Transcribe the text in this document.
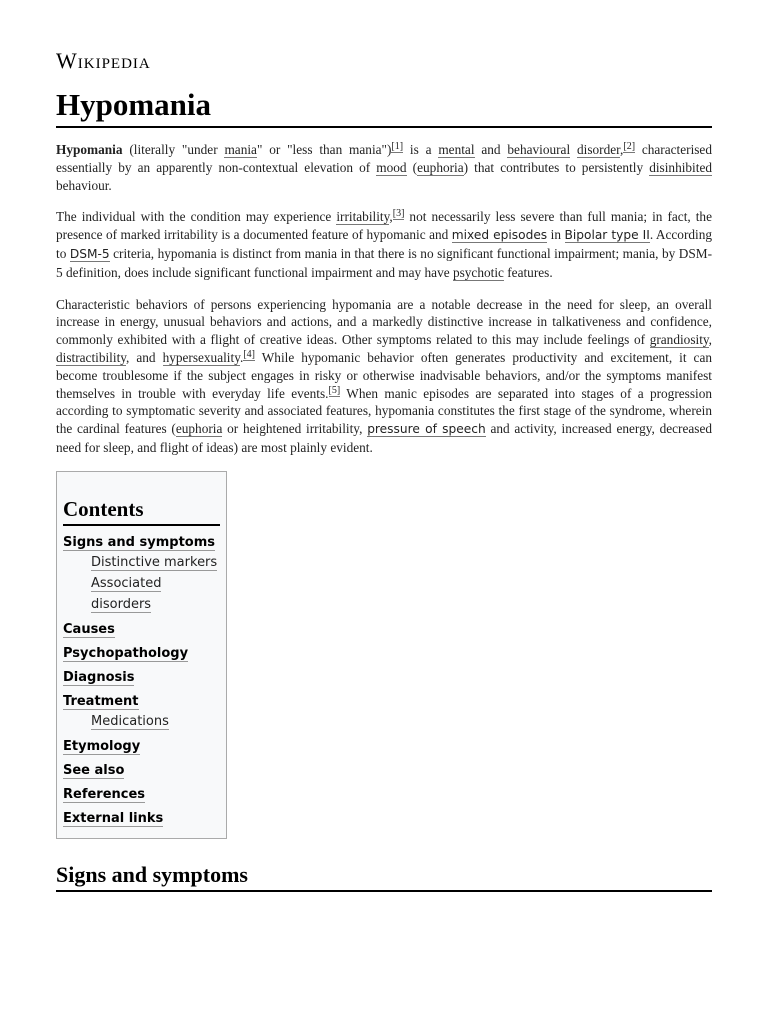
Wikipedia
Hypomania

Hypomania (literally "under mania" or "less than mania")[1] is a mental and behavioural disorder,[2] characterised essentially by an apparently non-contextual elevation of mood (euphoria) that contributes to persistently disinhibited behaviour.

The individual with the condition may experience irritability,[3] not necessarily less severe than full mania; in fact, the presence of marked irritability is a documented feature of hypomanic and mixed episodes in Bipolar type II. According to DSM-5 criteria, hypomania is distinct from mania in that there is no significant functional impairment; mania, by DSM-5 definition, does include significant functional impairment and may have psychotic features.

Characteristic behaviors of persons experiencing hypomania are a notable decrease in the need for sleep, an overall increase in energy, unusual behaviors and actions, and a markedly distinctive increase in talkativeness and confidence, commonly exhibited with a flight of creative ideas. Other symptoms related to this may include feelings of grandiosity, distractibility, and hypersexuality.[4] While hypomanic behavior often generates productivity and excitement, it can become troublesome if the subject engages in risky or otherwise inadvisable behaviors, and/or the symptoms manifest themselves in trouble with everyday life events.[5] When manic episodes are separated into stages of a progression according to symptomatic severity and associated features, hypomania constitutes the first stage of the syndrome, wherein the cardinal features (euphoria or heightened irritability, pressure of speech and activity, increased energy, decreased need for sleep, and flight of ideas) are most plainly evident.

Contents
Signs and symptoms
Distinctive markers
Associated disorders
Causes
Psychopathology
Diagnosis
Treatment
Medications
Etymology
See also
References
External links
Signs and symptoms
